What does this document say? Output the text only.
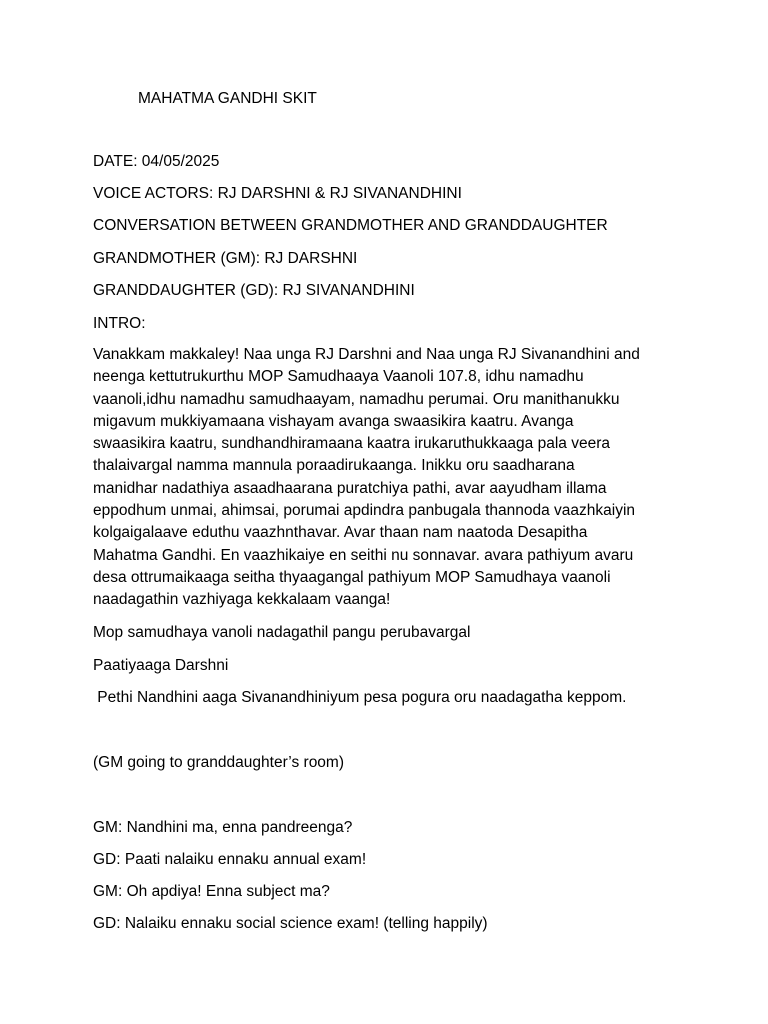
MAHATMA GANDHI SKIT
DATE: 04/05/2025
VOICE ACTORS: RJ DARSHNI & RJ SIVANANDHINI
CONVERSATION BETWEEN GRANDMOTHER AND GRANDDAUGHTER
GRANDMOTHER (GM): RJ DARSHNI
GRANDDAUGHTER (GD): RJ SIVANANDHINI
INTRO:
Vanakkam makkaley! Naa unga RJ Darshni and Naa unga RJ Sivanandhini and
neenga kettutrukurthu MOP Samudhaaya Vaanoli 107.8, idhu namadhu
vaanoli,idhu namadhu samudhaayam, namadhu perumai. Oru manithanukku
migavum mukkiyamaana vishayam avanga swaasikira kaatru. Avanga
swaasikira kaatru, sundhandhiramaana kaatra irukaruthukkaaga pala veera
thalaivargal namma mannula poraadirukaanga. Inikku oru saadharana
manidhar nadathiya asaadhaarana puratchiya pathi, avar aayudham illama
eppodhum unmai, ahimsai, porumai apdindra panbugala thannoda vaazhkaiyin
kolgaigalaave eduthu vaazhnthavar. Avar thaan nam naatoda Desapitha
Mahatma Gandhi. En vaazhikaiye en seithi nu sonnavar. avara pathiyum avaru
desa ottrumaikaaga seitha thyaagangal pathiyum MOP Samudhaya vaanoli
naadagathin vazhiyaga kekkalaam vaanga!
Mop samudhaya vanoli nadagathil pangu perubavargal
Paatiyaaga Darshni
Pethi Nandhini aaga Sivanandhiniyum pesa pogura oru naadagatha keppom.
(GM going to granddaughter’s room)
GM: Nandhini ma, enna pandreenga?
GD: Paati nalaiku ennaku annual exam!
GM: Oh apdiya! Enna subject ma?
GD: Nalaiku ennaku social science exam! (telling happily)
